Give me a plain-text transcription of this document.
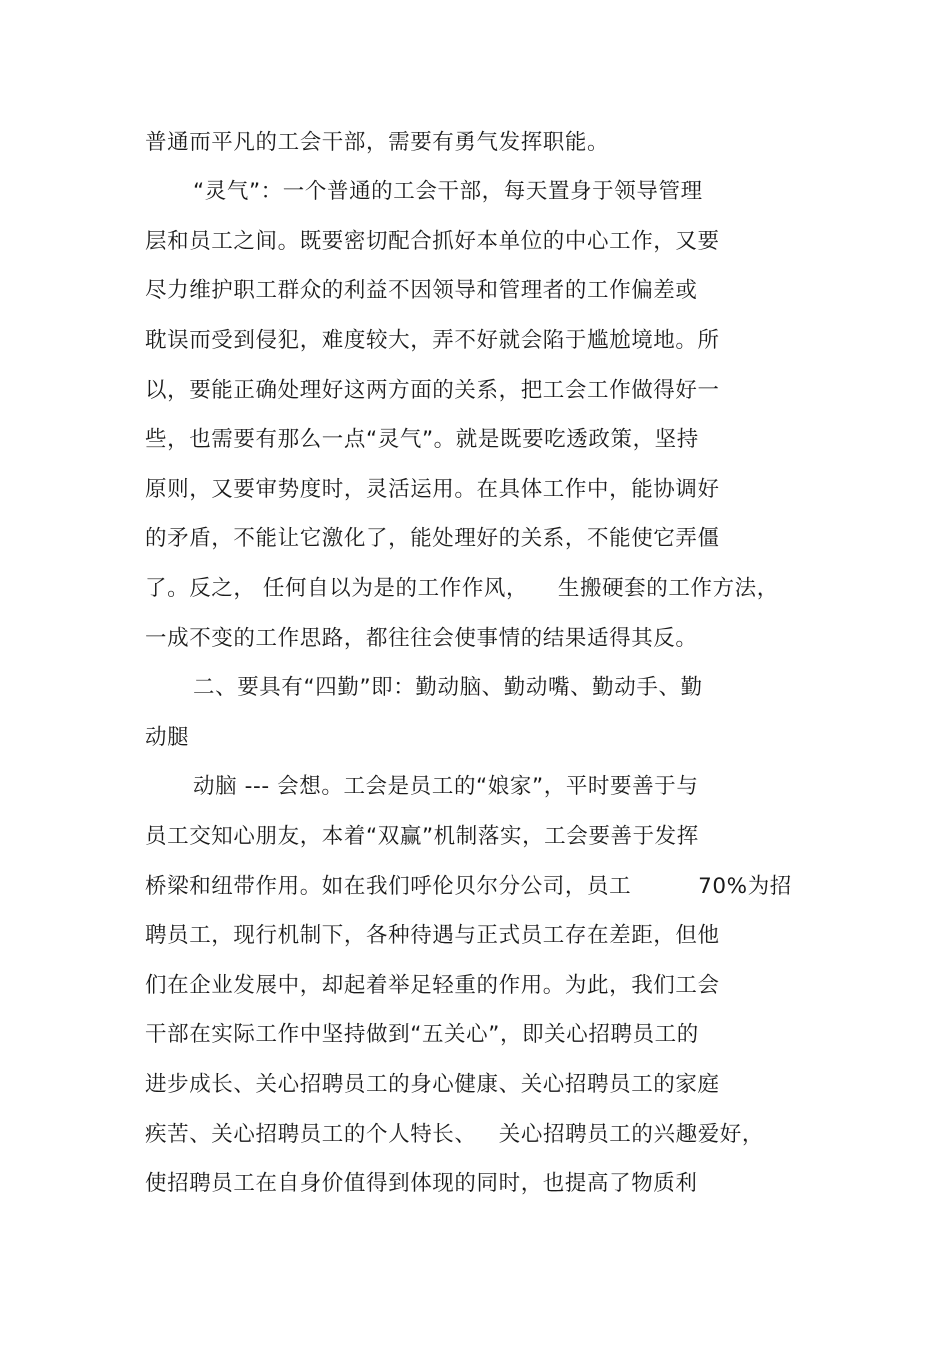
普通而平凡的工会干部，需要有勇气发挥职能。

“灵气”：一个普通的工会干部，每天置身于领导管理

层和员工之间。既要密切配合抓好本单位的中心工作，又要

尽力维护职工群众的利益不因领导和管理者的工作偏差或

耽误而受到侵犯，难度较大，弄不好就会陷于尴尬境地。所

以，要能正确处理好这两方面的关系，把工会工作做得好一

些，也需要有那么一点“灵气”。就是既要吃透政策，坚持

原则，又要审势度时，灵活运用。在具体工作中，能协调好

的矛盾，不能让它激化了，能处理好的关系，不能使它弄僵

了。反之， 任何自以为是的工作作风，    生搬硬套的工作方法，

一成不变的工作思路，都往往会使事情的结果适得其反。

二、要具有“四勤”即：勤动脑、勤动嘴、勤动手、勤

动腿

动脑 --- 会想。工会是员工的“娘家”，平时要善于与

员工交知心朋友，本着“双赢”机制落实，工会要善于发挥

桥梁和纽带作用。如在我们呼伦贝尔分公司，员工         70%为招

聘员工，现行机制下，各种待遇与正式员工存在差距，但他

们在企业发展中，却起着举足轻重的作用。为此，我们工会

干部在实际工作中坚持做到“五关心”，即关心招聘员工的

进步成长、关心招聘员工的身心健康、关心招聘员工的家庭

疾苦、关心招聘员工的个人特长、   关心招聘员工的兴趣爱好，

使招聘员工在自身价值得到体现的同时，也提高了物质利
